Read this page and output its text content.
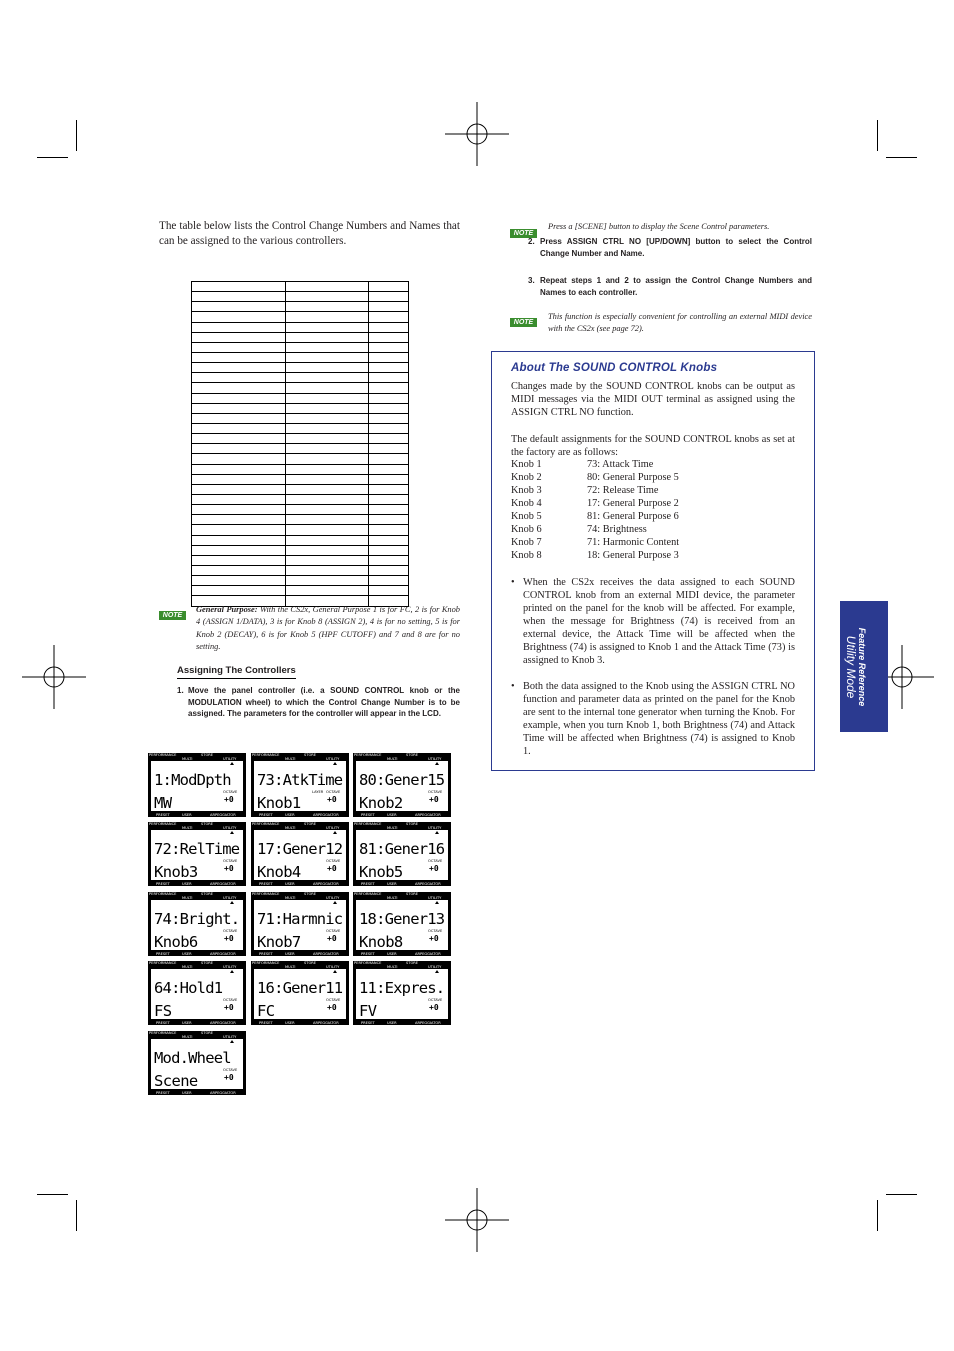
The table below lists the Control Change Numbers and Names that can be assigned to the various controllers.

NOTE
General Purpose: With the CS2x, General Purpose 1 is for FC, 2 is for Knob 4 (ASSIGN 1/DATA), 3 is for Knob 8 (ASSIGN 2), 4 is for no setting, 5 is for Knob 2 (DECAY), 6 is for Knob 5 (HPF CUTOFF) and 7 and 8 are for no setting.
Assigning The Controllers
1. Move the panel controller (i.e. a SOUND CONTROL knob or the MODULATION wheel) to which the Control Change Number is to be assigned. The parameters for the controller will appear in the LCD.
PERFORMANCE
MULTI
STORE
UTILITY
1:ModDpth
MW
OCTAVE
+0
PRESET	USER	ARPEGGIATOR
PERFORMANCE
MULTI
STORE
UTILITY
73:AtkTime
Knob1
LAYER OCTAVE
+0
PRESET	USER	ARPEGGIATOR
PERFORMANCE
MULTI
STORE
UTILITY
80:Gener15
Knob2
OCTAVE
+0
PRESET	USER	ARPEGGIATOR
PERFORMANCE
MULTI
STORE
UTILITY
72:RelTime
Knob3
OCTAVE
+0
PRESET	USER	ARPEGGIATOR
PERFORMANCE
MULTI
STORE
UTILITY
17:Gener12
Knob4
OCTAVE
+0
PRESET	USER	ARPEGGIATOR
PERFORMANCE
MULTI
STORE
UTILITY
81:Gener16
Knob5
OCTAVE
+0
PRESET	USER	ARPEGGIATOR
PERFORMANCE
MULTI
STORE
UTILITY
74:Bright.
Knob6
OCTAVE
+0
PRESET	USER	ARPEGGIATOR
PERFORMANCE
MULTI
STORE
UTILITY
71:Harmnic
Knob7
OCTAVE
+0
PRESET	USER	ARPEGGIATOR
PERFORMANCE
MULTI
STORE
UTILITY
18:Gener13
Knob8
OCTAVE
+0
PRESET	USER	ARPEGGIATOR
PERFORMANCE
MULTI
STORE
UTILITY
64:Hold1
FS
OCTAVE
+0
PRESET	USER	ARPEGGIATOR
PERFORMANCE
MULTI
STORE
UTILITY
16:Gener11
FC
OCTAVE
+0
PRESET	USER	ARPEGGIATOR
PERFORMANCE
MULTI
STORE
UTILITY
11:Expres.
FV
OCTAVE
+0
PRESET	USER	ARPEGGIATOR
PERFORMANCE
MULTI
STORE
UTILITY
Mod.Wheel
Scene
OCTAVE
+0
PRESET	USER	ARPEGGIATOR
NOTE
Press a [SCENE] button to display the Scene Control parameters.
2. Press ASSIGN CTRL NO [UP/DOWN] button to select the Control Change Number and Name.
3. Repeat steps 1 and 2 to assign the Control Change Numbers and Names to each controller.
NOTE
This function is especially convenient for controlling an external MIDI device with the CS2x (see page 72).
About The SOUND CONTROL Knobs
Changes made by the SOUND CONTROL knobs can be output as MIDI messages via the MIDI OUT terminal as assigned using the ASSIGN CTRL NO function.
The default assignments for the SOUND CONTROL knobs as set at the factory are as follows:
Knob 1	73: Attack Time
Knob 2	80: General Purpose 5
Knob 3	72: Release Time
Knob 4	17: General Purpose 2
Knob 5	81: General Purpose 6
Knob 6	74: Brightness
Knob 7	71: Harmonic Content
Knob 8	18: General Purpose 3
• When the CS2x receives the data assigned to each SOUND CONTROL knob from an external MIDI device, the parameter printed on the panel for the knob will be affected. For example, when the message for Brightness (74) is received from an external device, the Attack Time will be affected when the Brightness (74) is assigned to Knob 1 and the Attack Time (73) is assigned to Knob 3.
• Both the data assigned to the Knob using the ASSIGN CTRL NO function and parameter data as printed on the panel for the Knob are sent to the internal tone generator when turning the Knob. For example, when you turn Knob 1, both Brightness (74) and Attack Time will be affected when Brightness (74) is assigned to Knob 1.
Feature Reference
Utility Mode
